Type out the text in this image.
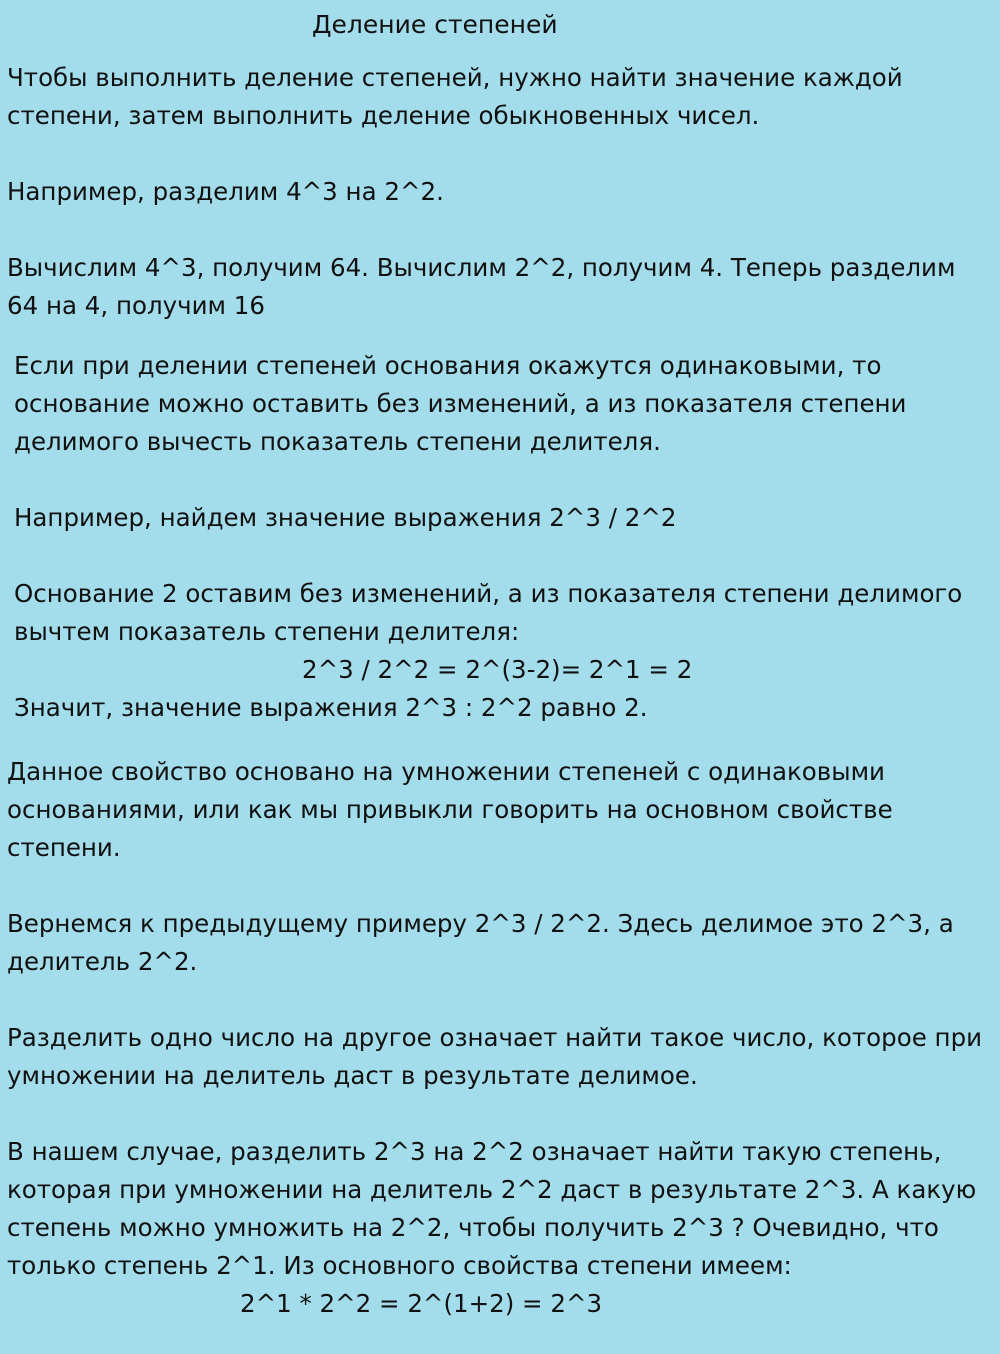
Деление степеней
Чтобы выполнить деление степеней, нужно найти значение каждой
степени, затем выполнить деление обыкновенных чисел.
Например, разделим 4^3 на 2^2.
Вычислим 4^3, получим 64. Вычислим 2^2, получим 4. Теперь разделим
64 на 4, получим 16
Если при делении степеней основания окажутся одинаковыми, то
основание можно оставить без изменений, а из показателя степени
делимого вычесть показатель степени делителя.
Например, найдем значение выражения 2^3 / 2^2
Основание 2 оставим без изменений, а из показателя степени делимого
вычтем показатель степени делителя:
2^3 / 2^2 = 2^(3-2)= 2^1 = 2
Значит, значение выражения 2^3 : 2^2 равно 2.
Данное свойство основано на умножении степеней с одинаковыми
основаниями, или как мы привыкли говорить на основном свойстве
степени.
Вернемся к предыдущему примеру 2^3 / 2^2. Здесь делимое это 2^3, а
делитель 2^2.
Разделить одно число на другое означает найти такое число, которое при
умножении на делитель даст в результате делимое.
В нашем случае, разделить 2^3 на 2^2 означает найти такую степень,
которая при умножении на делитель 2^2 даст в результате 2^3. А какую
степень можно умножить на 2^2, чтобы получить 2^3 ? Очевидно, что
только степень 2^1. Из основного свойства степени имеем:
2^1 * 2^2 = 2^(1+2) = 2^3
